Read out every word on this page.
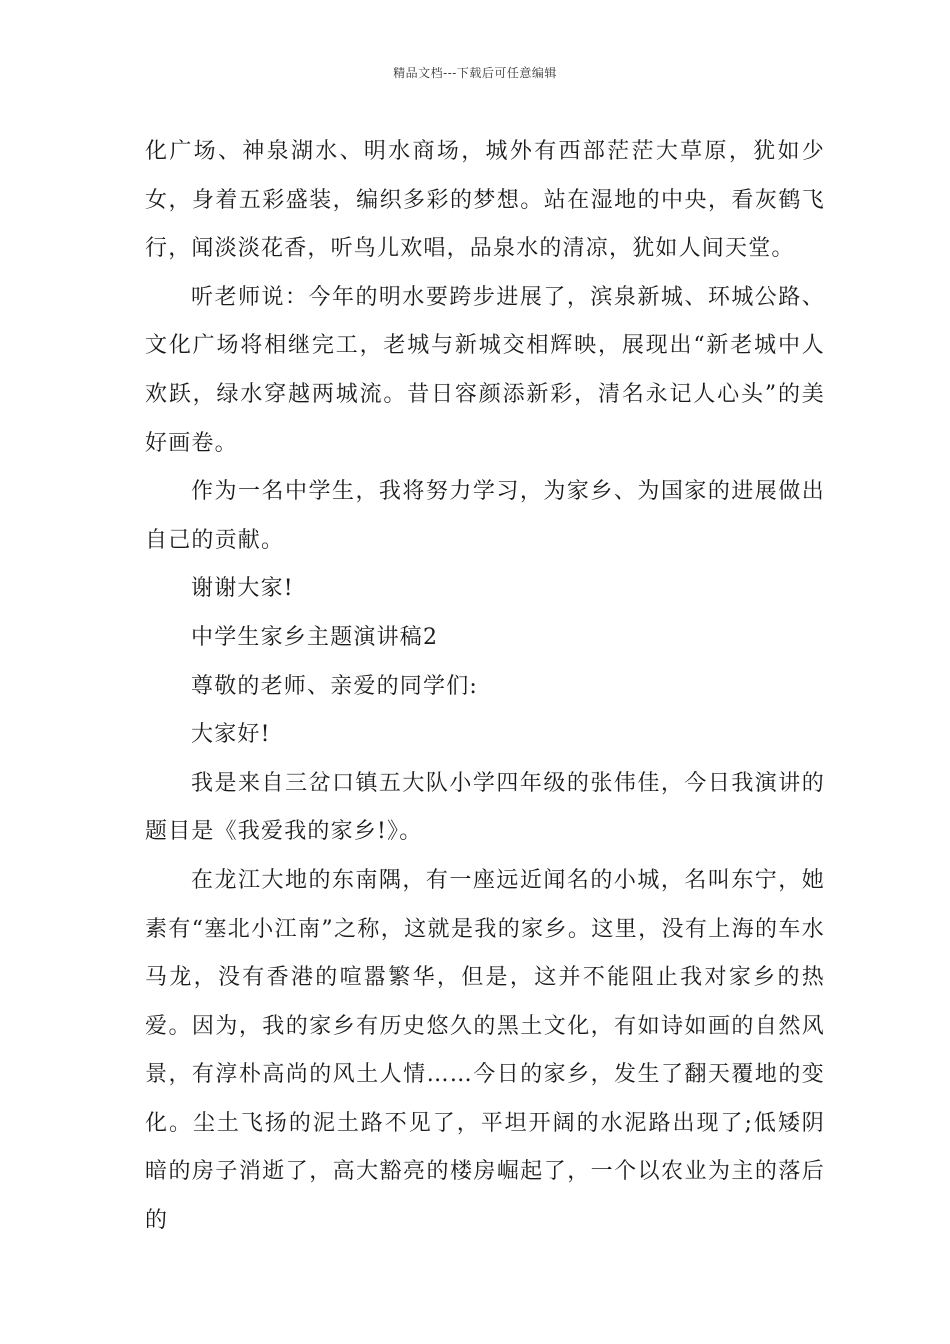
精品文档---下载后可任意编辑

化广场、神泉湖水、明水商场，城外有西部茫茫大草原，犹如少女，身着五彩盛装，编织多彩的梦想。站在湿地的中央，看灰鹤飞行，闻淡淡花香，听鸟儿欢唱，品泉水的清凉，犹如人间天堂。

听老师说：今年的明水要跨步进展了，滨泉新城、环城公路、文化广场将相继完工，老城与新城交相辉映，展现出“新老城中人欢跃，绿水穿越两城流。昔日容颜添新彩，清名永记人心头”的美好画卷。

作为一名中学生，我将努力学习，为家乡、为国家的进展做出自己的贡献。

谢谢大家!

中学生家乡主题演讲稿2

尊敬的老师、亲爱的同学们:

大家好!

我是来自三岔口镇五大队小学四年级的张伟佳，今日我演讲的题目是《我爱我的家乡!》。

在龙江大地的东南隅，有一座远近闻名的小城，名叫东宁，她素有“塞北小江南”之称，这就是我的家乡。这里，没有上海的车水马龙，没有香港的喧嚣繁华，但是，这并不能阻止我对家乡的热爱。因为，我的家乡有历史悠久的黑土文化，有如诗如画的自然风景，有淳朴高尚的风土人情……今日的家乡，发生了翻天覆地的变化。尘土飞扬的泥土路不见了，平坦开阔的水泥路出现了;低矮阴暗的房子消逝了，高大豁亮的楼房崛起了，一个以农业为主的落后的
